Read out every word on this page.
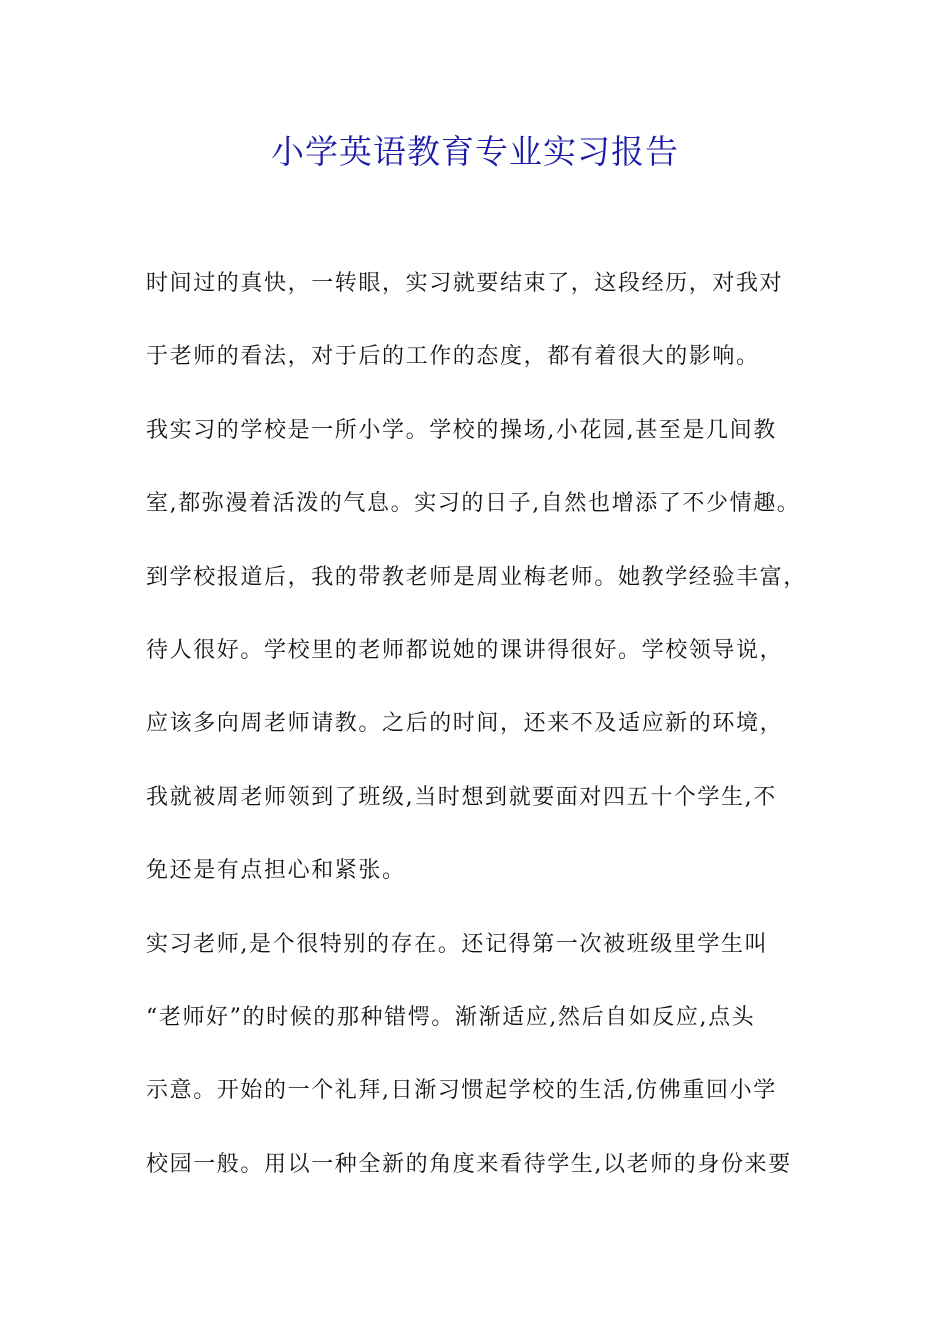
小学英语教育专业实习报告
时间过的真快，一转眼，实习就要结束了，这段经历，对我对
于老师的看法，对于后的工作的态度，都有着很大的影响。
我实习的学校是一所小学。学校的操场,小花园,甚至是几间教
室,都弥漫着活泼的气息。实习的日子,自然也增添了不少情趣。
到学校报道后，我的带教老师是周业梅老师。她教学经验丰富，
待人很好。学校里的老师都说她的课讲得很好。学校领导说，
应该多向周老师请教。之后的时间，还来不及适应新的环境，
我就被周老师领到了班级,当时想到就要面对四五十个学生,不
免还是有点担心和紧张。
实习老师,是个很特别的存在。还记得第一次被班级里学生叫
“老师好”的时候的那种错愕。渐渐适应,然后自如反应,点头
示意。开始的一个礼拜,日渐习惯起学校的生活,仿佛重回小学
校园一般。用以一种全新的角度来看待学生,以老师的身份来要
